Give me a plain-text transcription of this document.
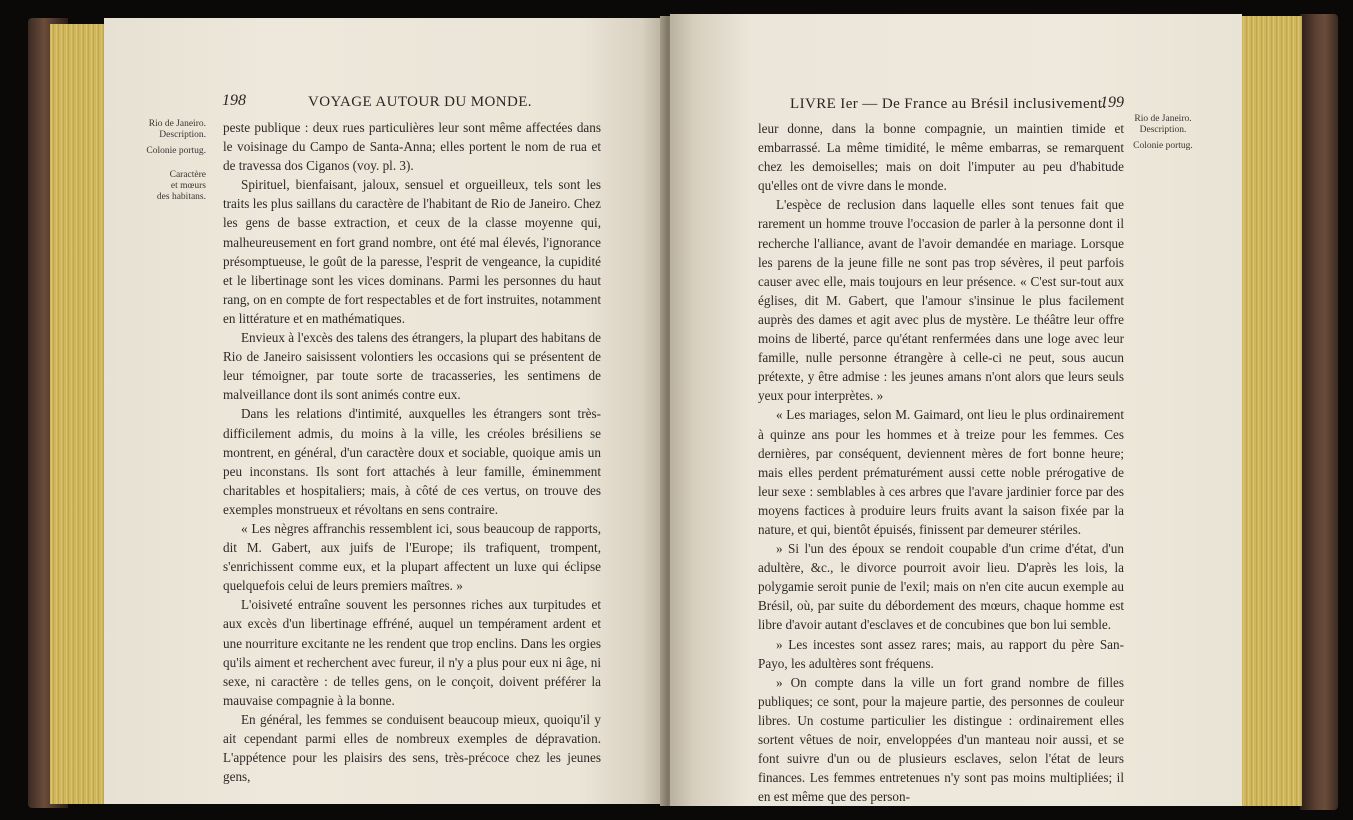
198	VOYAGE AUTOUR DU MONDE.
Rio de Janeiro.
Description.
Colonie portug.
Caractère
et mœurs
des habitans.

peste publique : deux rues particulières leur sont même affectées dans le voisinage du Campo de Santa-Anna; elles portent le nom de rua et de travessa dos Ciganos (voy. pl. 3).

Spirituel, bienfaisant, jaloux, sensuel et orgueilleux, tels sont les traits les plus saillans du caractère de l'habitant de Rio de Janeiro. Chez les gens de basse extraction, et ceux de la classe moyenne qui, malheureusement en fort grand nombre, ont été mal élevés, l'ignorance présomptueuse, le goût de la paresse, l'esprit de vengeance, la cupidité et le libertinage sont les vices dominans. Parmi les personnes du haut rang, on en compte de fort respectables et de fort instruites, notamment en littérature et en mathématiques.

Envieux à l'excès des talens des étrangers, la plupart des habitans de Rio de Janeiro saisissent volontiers les occasions qui se présentent de leur témoigner, par toute sorte de tracasseries, les sentimens de malveillance dont ils sont animés contre eux.

Dans les relations d'intimité, auxquelles les étrangers sont très-difficilement admis, du moins à la ville, les créoles brésiliens se montrent, en général, d'un caractère doux et sociable, quoique amis un peu inconstans. Ils sont fort attachés à leur famille, éminemment charitables et hospitaliers; mais, à côté de ces vertus, on trouve des exemples monstrueux et révoltans en sens contraire.

« Les nègres affranchis ressemblent ici, sous beaucoup de rapports, dit M. Gabert, aux juifs de l'Europe; ils trafiquent, trompent, s'enrichissent comme eux, et la plupart affectent un luxe qui éclipse quelquefois celui de leurs premiers maîtres. »

L'oisiveté entraîne souvent les personnes riches aux turpitudes et aux excès d'un libertinage effréné, auquel un tempérament ardent et une nourriture excitante ne les rendent que trop enclins. Dans les orgies qu'ils aiment et recherchent avec fureur, il n'y a plus pour eux ni âge, ni sexe, ni caractère : de telles gens, on le conçoit, doivent préférer la mauvaise compagnie à la bonne.

En général, les femmes se conduisent beaucoup mieux, quoiqu'il y ait cependant parmi elles de nombreux exemples de dépravation. L'appétence pour les plaisirs des sens, très-précoce chez les jeunes gens,

LIVRE Ier — De France au Brésil inclusivement.
199
Rio de Janeiro.
Description.
Colonie portug.

leur donne, dans la bonne compagnie, un maintien timide et embarrassé. La même timidité, le même embarras, se remarquent chez les demoiselles; mais on doit l'imputer au peu d'habitude qu'elles ont de vivre dans le monde.

L'espèce de reclusion dans laquelle elles sont tenues fait que rarement un homme trouve l'occasion de parler à la personne dont il recherche l'alliance, avant de l'avoir demandée en mariage. Lorsque les parens de la jeune fille ne sont pas trop sévères, il peut parfois causer avec elle, mais toujours en leur présence. « C'est sur-tout aux églises, dit M. Gabert, que l'amour s'insinue le plus facilement auprès des dames et agit avec plus de mystère. Le théâtre leur offre moins de liberté, parce qu'étant renfermées dans une loge avec leur famille, nulle personne étrangère à celle-ci ne peut, sous aucun prétexte, y être admise : les jeunes amans n'ont alors que leurs seuls yeux pour interprètes. »

« Les mariages, selon M. Gaimard, ont lieu le plus ordinairement à quinze ans pour les hommes et à treize pour les femmes. Ces dernières, par conséquent, deviennent mères de fort bonne heure; mais elles perdent prématurément aussi cette noble prérogative de leur sexe : semblables à ces arbres que l'avare jardinier force par des moyens factices à produire leurs fruits avant la saison fixée par la nature, et qui, bientôt épuisés, finissent par demeurer stériles.

» Si l'un des époux se rendoit coupable d'un crime d'état, d'un adultère, &c., le divorce pourroit avoir lieu. D'après les lois, la polygamie seroit punie de l'exil; mais on n'en cite aucun exemple au Brésil, où, par suite du débordement des mœurs, chaque homme est libre d'avoir autant d'esclaves et de concubines que bon lui semble.

» Les incestes sont assez rares; mais, au rapport du père San-Payo, les adultères sont fréquens.

» On compte dans la ville un fort grand nombre de filles publiques; ce sont, pour la majeure partie, des personnes de couleur libres. Un costume particulier les distingue : ordinairement elles sortent vêtues de noir, enveloppées d'un manteau noir aussi, et se font suivre d'un ou de plusieurs esclaves, selon l'état de leurs finances. Les femmes entretenues n'y sont pas moins multipliées; il en est même que des person-
